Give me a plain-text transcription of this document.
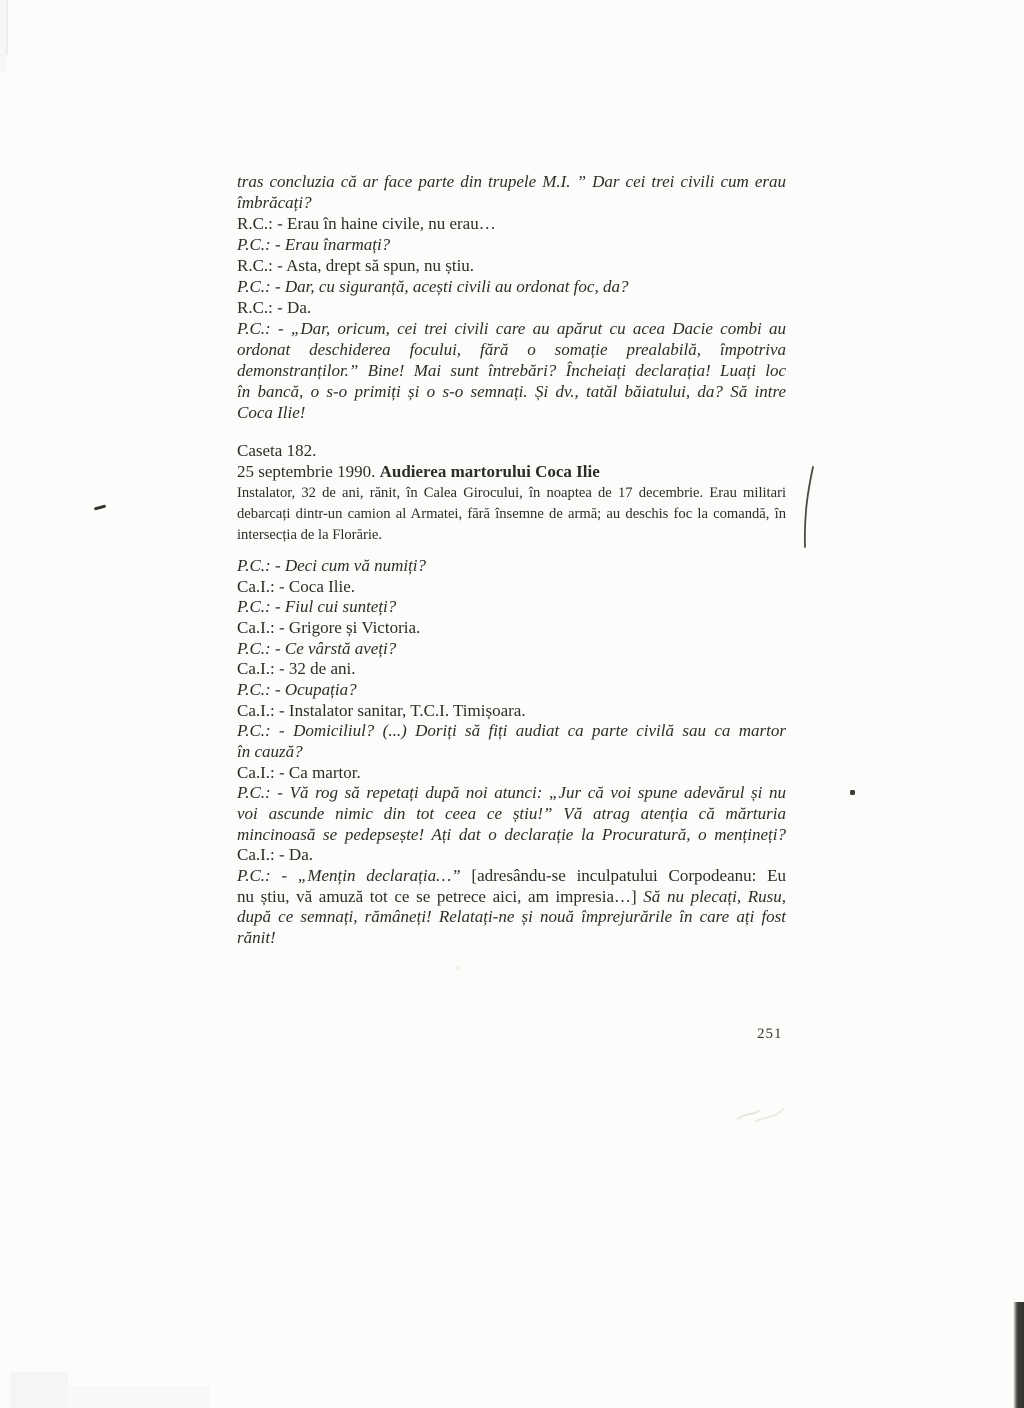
tras concluzia că ar face parte din trupele M.I. ” Dar cei trei civili cum erau
îmbrăcați?
R.C.: - Erau în haine civile, nu erau…
P.C.: - Erau înarmați?
R.C.: - Asta, drept să spun, nu știu.
P.C.: - Dar, cu siguranță, acești civili au ordonat foc, da?
R.C.: - Da.
P.C.: - „Dar, oricum, cei trei civili care au apărut cu acea Dacie combi au
ordonat deschiderea focului, fără o somație prealabilă, împotriva
demonstranților.” Bine! Mai sunt întrebări? Încheiați declarația! Luați loc
în bancă, o s-o primiți și o s-o semnați. Și dv., tatăl băiatului, da? Să intre
Coca Ilie!
Caseta 182.
25 septembrie 1990. Audierea martorului Coca Ilie
Instalator, 32 de ani, rănit, în Calea Girocului, în noaptea de 17 decembrie. Erau militari
debarcați dintr-un camion al Armatei, fără însemne de armă; au deschis foc la comandă, în
intersecția de la Florărie.
P.C.: - Deci cum vă numiți?
Ca.I.: - Coca Ilie.
P.C.: - Fiul cui sunteți?
Ca.I.: - Grigore și Victoria.
P.C.: - Ce vârstă aveți?
Ca.I.: - 32 de ani.
P.C.: - Ocupația?
Ca.I.: - Instalator sanitar, T.C.I. Timișoara.
P.C.: - Domiciliul? (...) Doriți să fiți audiat ca parte civilă sau ca martor
în cauză?
Ca.I.: - Ca martor.
P.C.: - Vă rog să repetați după noi atunci: „Jur că voi spune adevărul și nu
voi ascunde nimic din tot ceea ce știu!” Vă atrag atenția că mărturia
mincinoasă se pedepsește! Ați dat o declarație la Procuratură, o mențineți?
Ca.I.: - Da.
P.C.: - „Mențin declarația…” [adresându-se inculpatului Corpodeanu: Eu
nu știu, vă amuză tot ce se petrece aici, am impresia…] Să nu plecați, Rusu,
după ce semnați, rămâneți! Relatați-ne și nouă împrejurările în care ați fost
rănit!
251
